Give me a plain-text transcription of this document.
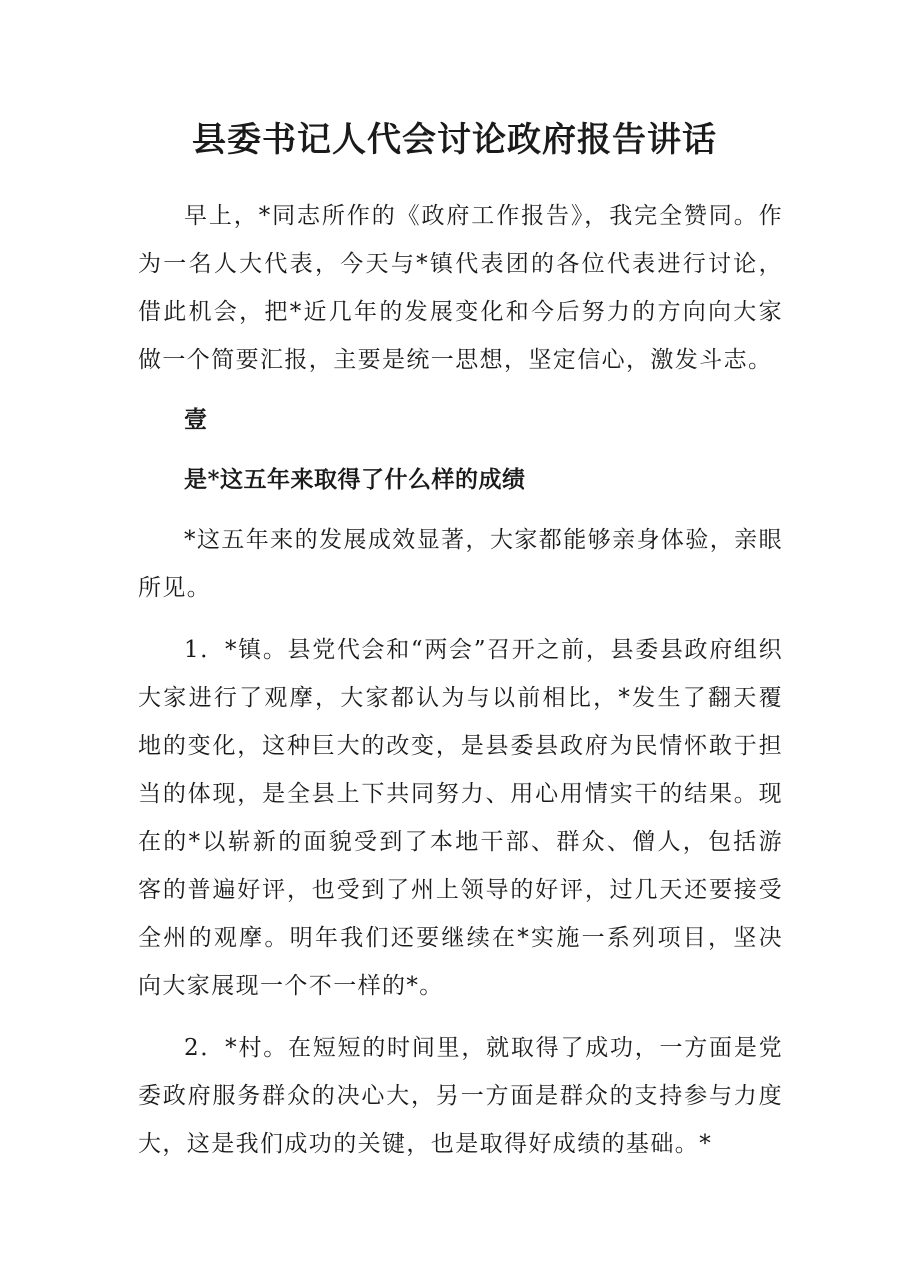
县委书记人代会讨论政府报告讲话

早上，*同志所作的《政府工作报告》，我完全赞同。作为一名人大代表，今天与*镇代表团的各位代表进行讨论，借此机会，把*近几年的发展变化和今后努力的方向向大家做一个简要汇报，主要是统一思想，坚定信心，激发斗志。

壹

是*这五年来取得了什么样的成绩

*这五年来的发展成效显著，大家都能够亲身体验，亲眼所见。

1．*镇。县党代会和“两会”召开之前，县委县政府组织大家进行了观摩，大家都认为与以前相比，*发生了翻天覆地的变化，这种巨大的改变，是县委县政府为民情怀敢于担当的体现，是全县上下共同努力、用心用情实干的结果。现在的*以崭新的面貌受到了本地干部、群众、僧人，包括游客的普遍好评，也受到了州上领导的好评，过几天还要接受全州的观摩。明年我们还要继续在*实施一系列项目，坚决向大家展现一个不一样的*。

2．*村。在短短的时间里，就取得了成功，一方面是党委政府服务群众的决心大，另一方面是群众的支持参与力度大，这是我们成功的关键，也是取得好成绩的基础。*
